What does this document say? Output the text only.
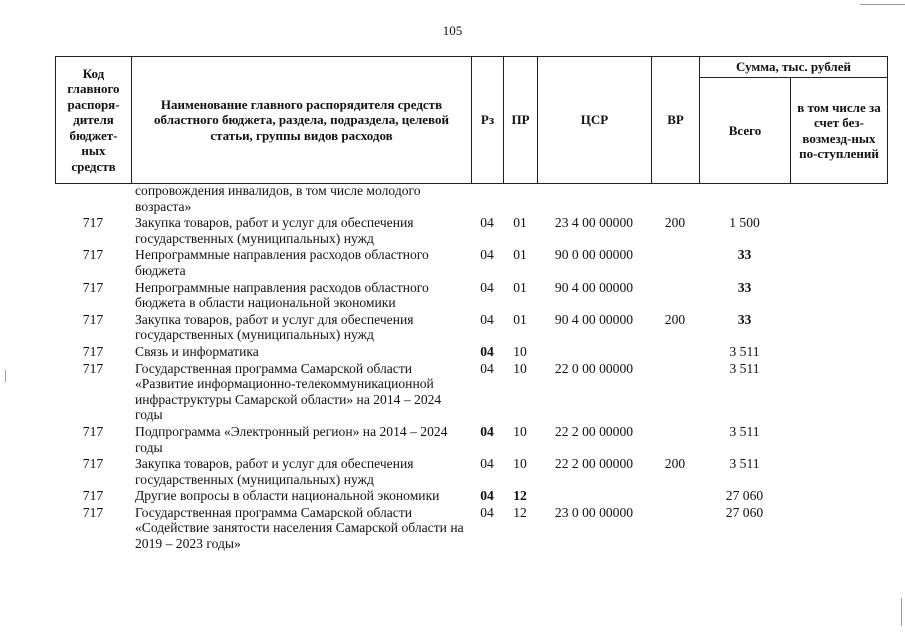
105
Код главного распоря-дителя бюджет-ных средств	Наименование главного распорядителя средств областного бюджета, раздела, подраздела, целевой статьи, группы видов расходов	Рз	ПР	ЦСР	ВР	Сумма, тыс. рублей	
						Всего	в том числе за счет без-возмезд-ных по-ступлений
	сопровождения инвалидов, в том числе молодого возраста»						
717	Закупка товаров, работ и услуг для обеспечения государственных (муниципальных) нужд	04	01	23 4 00 00000	200	1 500	
717	Непрограммные направления расходов областного бюджета	04	01	90 0 00 00000		33	
717	Непрограммные направления расходов областного бюджета в области национальной экономики	04	01	90 4 00 00000		33	
717	Закупка товаров, работ и услуг для обеспечения государственных (муниципальных) нужд	04	01	90 4 00 00000	200	33	
717	Связь и информатика	04	10			3 511	
717	Государственная программа Самарской области «Развитие информационно-телекоммуникационной инфраструктуры Самарской области» на 2014 – 2024 годы	04	10	22 0 00 00000		3 511	
717	Подпрограмма «Электронный регион» на 2014 – 2024 годы	04	10	22 2 00 00000		3 511	
717	Закупка товаров, работ и услуг для обеспечения государственных (муниципальных) нужд	04	10	22 2 00 00000	200	3 511	
717	Другие вопросы в области национальной экономики	04	12			27 060	
717	Государственная программа Самарской области «Содействие занятости населения Самарской области на 2019 – 2023 годы»	04	12	23 0 00 00000		27 060	
